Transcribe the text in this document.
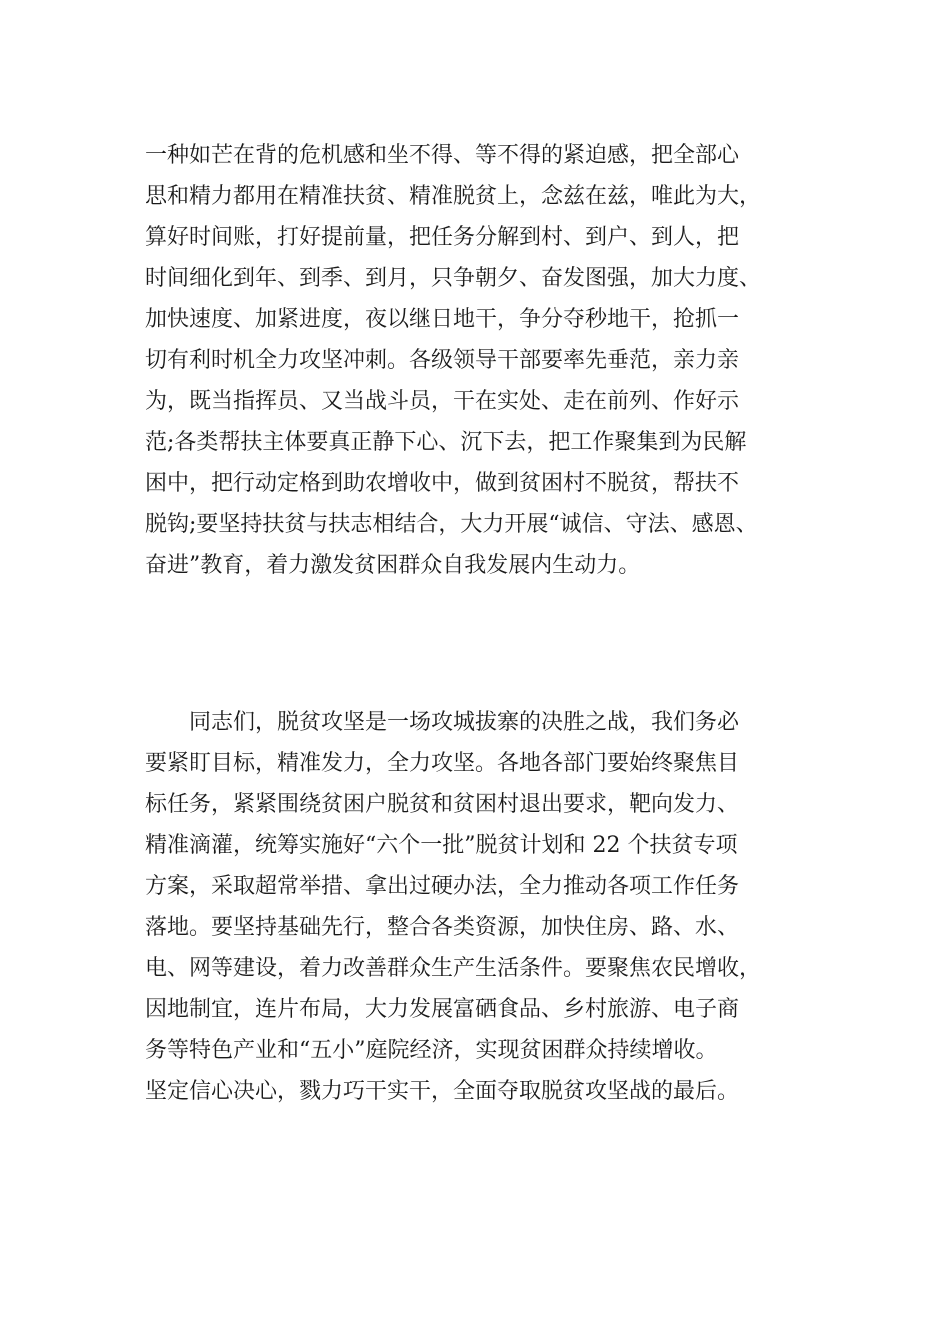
一种如芒在背的危机感和坐不得、等不得的紧迫感，把全部心
思和精力都用在精准扶贫、精准脱贫上，念兹在兹，唯此为大，
算好时间账，打好提前量，把任务分解到村、到户、到人，把
时间细化到年、到季、到月，只争朝夕、奋发图强，加大力度、
加快速度、加紧进度，夜以继日地干，争分夺秒地干，抢抓一
切有利时机全力攻坚冲刺。各级领导干部要率先垂范，亲力亲
为，既当指挥员、又当战斗员，干在实处、走在前列、作好示
范;各类帮扶主体要真正静下心、沉下去，把工作聚集到为民解
困中，把行动定格到助农增收中，做到贫困村不脱贫，帮扶不
脱钩;要坚持扶贫与扶志相结合，大力开展“诚信、守法、感恩、
奋进”教育，着力激发贫困群众自我发展内生动力。
　　同志们，脱贫攻坚是一场攻城拔寨的决胜之战，我们务必
要紧盯目标，精准发力，全力攻坚。各地各部门要始终聚焦目
标任务，紧紧围绕贫困户脱贫和贫困村退出要求，靶向发力、
精准滴灌，统筹实施好“六个一批”脱贫计划和 22 个扶贫专项
方案，采取超常举措、拿出过硬办法，全力推动各项工作任务
落地。要坚持基础先行，整合各类资源，加快住房、路、水、
电、网等建设，着力改善群众生产生活条件。要聚焦农民增收，
因地制宜，连片布局，大力发展富硒食品、乡村旅游、电子商
务等特色产业和“五小”庭院经济，实现贫困群众持续增收。
坚定信心决心，戮力巧干实干，全面夺取脱贫攻坚战的最后。
